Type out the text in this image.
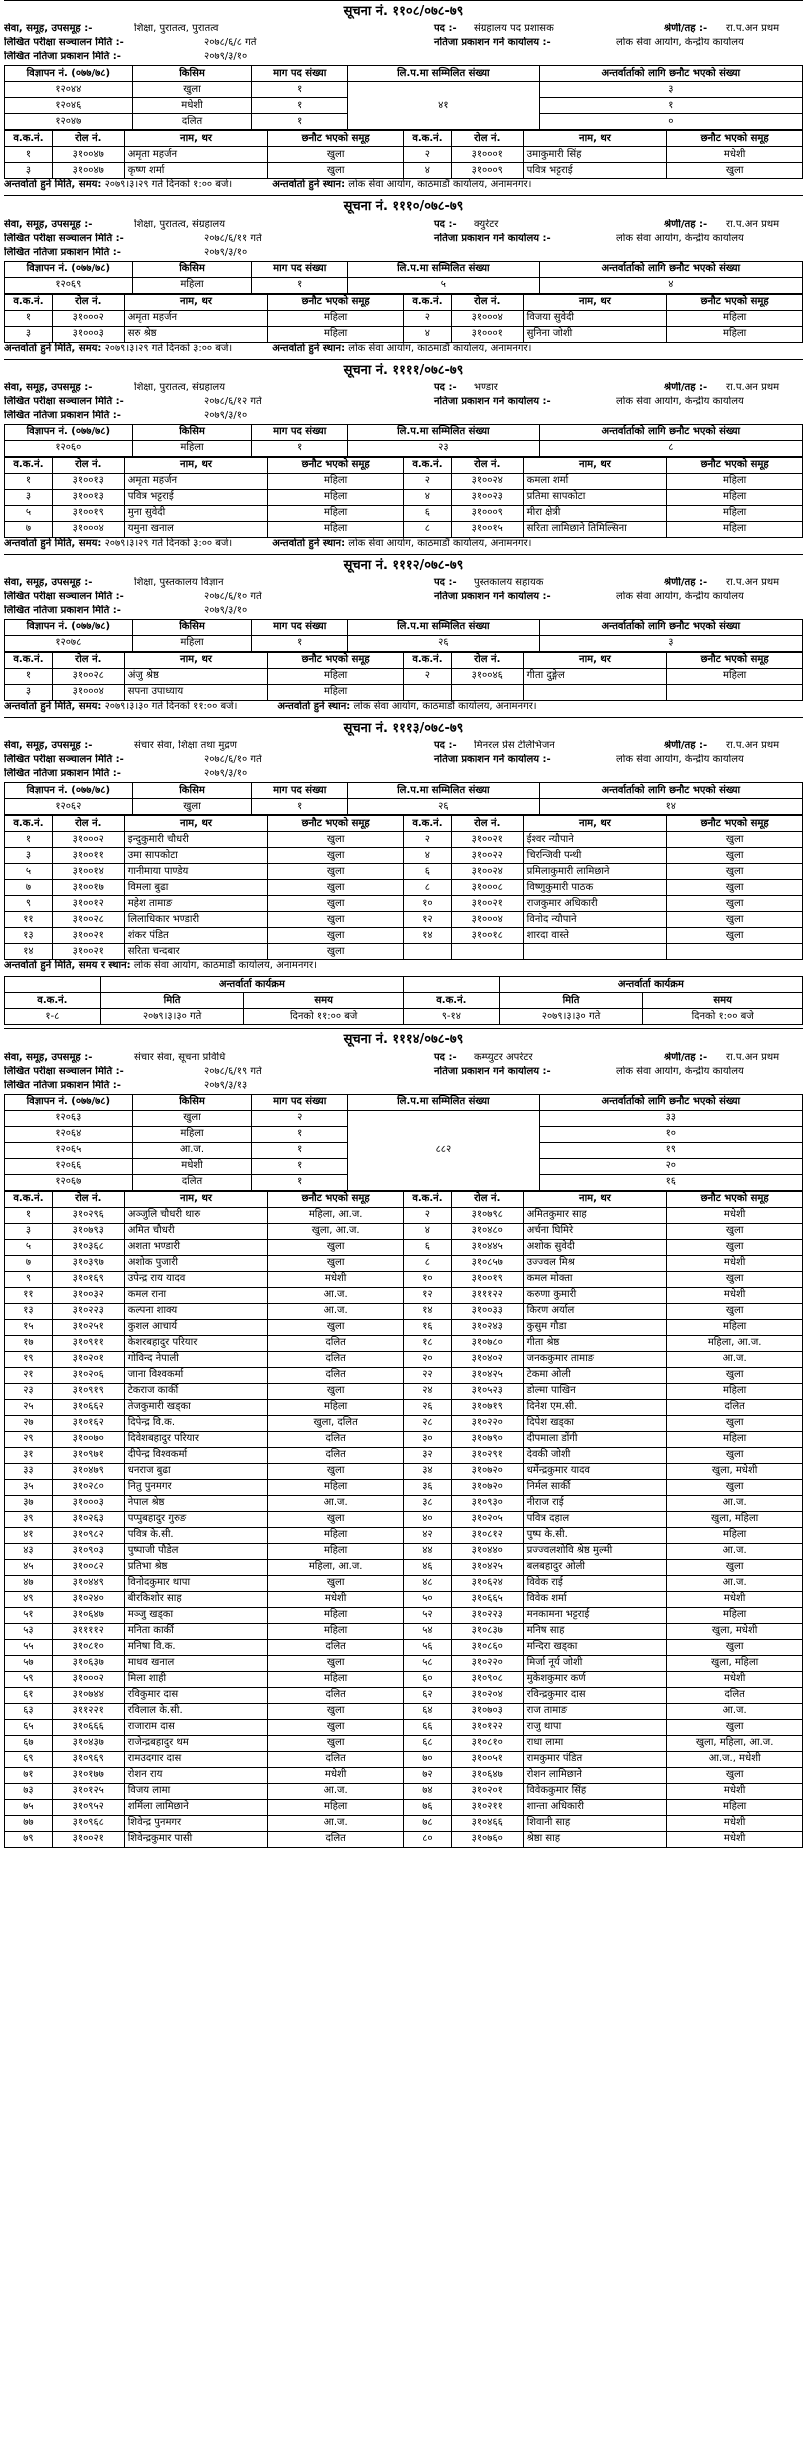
सूचना नं. ११०८/०७८-७९
सेवा, समूह, उपसमूह :-	शिक्षा, पुरातत्व, पुरातत्व	पद :- संग्रहालय पद प्रशासक	श्रेणी/तह :- रा.प.अन प्रथम
लिखित परीक्षा सञ्चालन मिति :-	२०७८/६/८ गते	नतिजा प्रकाशन गर्ने कार्यालय :-	लोक सेवा आयोग, केन्द्रीय कार्यालय
लिखित नतिजा प्रकाशन मिति :-	२०७९/३/१०
विज्ञापन नं. (०७७/७८)	किसिम	माग पद संख्या	लि.प.मा सम्मिलित संख्या	अन्तर्वार्ताको लागि छनौट भएको संख्या
१२०४४	खुला	१	४१	३
१२०४६	मधेशी	१		१
१२०४७	दलित	१		०
व.क.नं.	रोल नं.	नाम, थर	छनौट भएको समूह	व.क.नं.	रोल नं.	नाम, थर	छनौट भएको समूह
१	३१००४७	अमृता महर्जन	खुला	२	३१०००१	उमाकुमारी सिंह	मधेशी
३	३१००४७	कृष्ण शर्मा	खुला	४	३१०००९	पवित्र भट्टराई	खुला
अन्तर्वार्ता हुने मिति, समय: २०७९।३।२९ गते दिनको १:०० बजे।	अन्तर्वार्ता हुने स्थान: लोक सेवा आयोग, काठमाडौं कार्यालय, अनामनगर।
सूचना नं. १११०/०७८-७९
सेवा, समूह, उपसमूह :-	शिक्षा, पुरातत्व, संग्रहालय	पद :- क्युरेटर	श्रेणी/तह :- रा.प.अन प्रथम
लिखित परीक्षा सञ्चालन मिति :-	२०७८/६/११ गते	नतिजा प्रकाशन गर्ने कार्यालय :-	लोक सेवा आयोग, केन्द्रीय कार्यालय
लिखित नतिजा प्रकाशन मिति :-	२०७९/३/१०
विज्ञापन नं. (०७७/७८)	किसिम	माग पद संख्या	लि.प.मा सम्मिलित संख्या	अन्तर्वार्ताको लागि छनौट भएको संख्या
१२०६९	महिला	१	५	४
व.क.नं.	रोल नं.	नाम, थर	छनौट भएको समूह	व.क.नं.	रोल नं.	नाम, थर	छनौट भएको समूह
१	३१०००२	अमृता महर्जन	महिला	२	३१०००४	विजया सुवेदी	महिला
३	३१०००३	सरु श्रेष्ठ	महिला	४	३१०००१	सुनिना जोशी	महिला
अन्तर्वार्ता हुने मिति, समय: २०७९।३।२९ गते दिनको ३:०० बजे।	अन्तर्वार्ता हुने स्थान: लोक सेवा आयोग, काठमाडौं कार्यालय, अनामनगर।
सूचना नं. ११११/०७८-७९
सेवा, समूह, उपसमूह :-	शिक्षा, पुरातत्व, संग्रहालय	पद :- भण्डार	श्रेणी/तह :- रा.प.अन प्रथम
लिखित परीक्षा सञ्चालन मिति :-	२०७८/६/१२ गते	नतिजा प्रकाशन गर्ने कार्यालय :-	लोक सेवा आयोग, केन्द्रीय कार्यालय
लिखित नतिजा प्रकाशन मिति :-	२०७९/३/१०
विज्ञापन नं. (०७७/७८)	किसिम	माग पद संख्या	लि.प.मा सम्मिलित संख्या	अन्तर्वार्ताको लागि छनौट भएको संख्या
१२०६०	महिला	१	२३	८
व.क.नं.	रोल नं.	नाम, थर	छनौट भएको समूह	व.क.नं.	रोल नं.	नाम, थर	छनौट भएको समूह
१	३१००१३	अमृता महर्जन	महिला	२	३१००२४	कमला शर्मा	महिला
३	३१००१३	पवित्र भट्टराई	महिला	४	३१००२३	प्रतिमा सापकोटा	महिला
५	३१००१९	मुना सुवेदी	महिला	६	३१०००९	मीरा क्षेत्री	महिला
७	३१०००४	यमुना खनाल	महिला	८	३१००१५	सरिता लामिछाने तिमिल्सिना	महिला
अन्तर्वार्ता हुने मिति, समय: २०७९।३।२९ गते दिनको ३:०० बजे।	अन्तर्वार्ता हुने स्थान: लोक सेवा आयोग, काठमाडौं कार्यालय, अनामनगर।
सूचना नं. १११२/०७८-७९
सेवा, समूह, उपसमूह :-	शिक्षा, पुस्तकालय विज्ञान	पद :- पुस्तकालय सहायक	श्रेणी/तह :- रा.प.अन प्रथम
लिखित परीक्षा सञ्चालन मिति :-	२०७८/६/१० गते	नतिजा प्रकाशन गर्ने कार्यालय :-	लोक सेवा आयोग, केन्द्रीय कार्यालय
लिखित नतिजा प्रकाशन मिति :-	२०७९/३/१०
विज्ञापन नं. (०७७/७८)	किसिम	माग पद संख्या	लि.प.मा सम्मिलित संख्या	अन्तर्वार्ताको लागि छनौट भएको संख्या
१२०७८	महिला	१	२६	३
व.क.नं.	रोल नं.	नाम, थर	छनौट भएको समूह	व.क.नं.	रोल नं.	नाम, थर	छनौट भएको समूह
१	३१००२८	अंजु श्रेष्ठ	महिला	२	३१००४६	गीता दुङ्गेल	महिला
३	३१०००४	सपना उपाध्याय	महिला				
अन्तर्वार्ता हुने मिति, समय: २०७९।३।३० गते दिनको ११:०० बजे।	अन्तर्वार्ता हुने स्थान: लोक सेवा आयोग, काठमाडौं कार्यालय, अनामनगर।
सूचना नं. १११३/०७८-७९
सेवा, समूह, उपसमूह :-	संचार सेवा, शिक्षा तथा मुद्रण	पद :- मिनरल प्रेस टेलिभिजन	श्रेणी/तह :- रा.प.अन प्रथम
लिखित परीक्षा सञ्चालन मिति :-	२०७८/६/१० गते	नतिजा प्रकाशन गर्ने कार्यालय :-	लोक सेवा आयोग, केन्द्रीय कार्यालय
लिखित नतिजा प्रकाशन मिति :-	२०७९/३/१०
विज्ञापन नं. (०७७/७८)	किसिम	माग पद संख्या	लि.प.मा सम्मिलित संख्या	अन्तर्वार्ताको लागि छनौट भएको संख्या
१२०६२	खुला	१	२६	१४
व.क.नं.	रोल नं.	नाम, थर	छनौट भएको समूह	व.क.नं.	रोल नं.	नाम, थर	छनौट भएको समूह
१	३१०००२	इन्दुकुमारी चौधरी	खुला	२	३१००२१	ईश्वर न्यौपाने	खुला
३	३१००११	उमा सापकोटा	खुला	४	३१००२२	चिरन्जिवी पन्थी	खुला
५	३१००१४	गानीमाया पाण्डेय	खुला	६	३१००२४	प्रमिलाकुमारी लामिछाने	खुला
७	३१००१७	विमला बुढा	खुला	८	३१०००८	विष्णुकुमारी पाठक	खुला
९	३१००१२	महेश तामाङ	खुला	१०	३१००२१	राजकुमार अधिकारी	खुला
११	३१००२८	लिलाधिकार भण्डारी	खुला	१२	३१०००४	विनोद न्यौपाने	खुला
१३	३१००२१	शंकर पंडित	खुला	१४	३१००१८	शारदा वास्ते	खुला
१४	३१००२१	सरिता चन्दबार	खुला				
अन्तर्वार्ता हुने मिति, समय र स्थान: लोक सेवा आयोग, काठमाडौं कार्यालय, अनामनगर।
	अन्तर्वार्ता कार्यक्रम			अन्तर्वार्ता कार्यक्रम	
व.क.नं.	मिति	समय	व.क.नं.	मिति	समय
१-८	२०७९।३।३० गते	दिनको ११:०० बजे	९-१४	२०७९।३।३० गते	दिनको १:०० बजे
सूचना नं. १११४/०७८-७९
सेवा, समूह, उपसमूह :-	संचार सेवा, सूचना प्रविधि	पद :- कम्प्युटर अपरेटर	श्रेणी/तह :- रा.प.अन प्रथम
लिखित परीक्षा सञ्चालन मिति :-	२०७८/६/१९ गते	नतिजा प्रकाशन गर्ने कार्यालय :-	लोक सेवा आयोग, केन्द्रीय कार्यालय
लिखित नतिजा प्रकाशन मिति :-	२०७९/३/१३
विज्ञापन नं. (०७७/७८)	किसिम	माग पद संख्या	लि.प.मा सम्मिलित संख्या	अन्तर्वार्ताको लागि छनौट भएको संख्या
१२०६३	खुला	२	८८२	३३
१२०६४	महिला	१		१०
१२०६५	आ.ज.	१		१९
१२०६६	मधेशी	१		२०
१२०६७	दलित	१		१६
व.क.नं.	रोल नं.	नाम, थर	छनौट भएको समूह	व.क.नं.	रोल नं.	नाम, थर	छनौट भएको समूह
१	३१०२९६	अञ्जुलि चौधरी थारु	महिला, आ.ज.	२	३१०७९८	अमितकुमार साह	मधेशी
३	३१०७९३	अमित चौधरी	खुला, आ.ज.	४	३१०४८०	अर्चना घिमिरे	खुला
५	३१०३६८	अशता भण्डारी	खुला	६	३१०४४५	अशोक सुवेदी	खुला
७	३१०३९७	अशोक पुजारी	खुला	८	३१०८५७	उज्ज्वल मिश्र	मधेशी
९	३१०१६९	उपेन्द्र राय यादव	मधेशी	१०	३१००१९	कमल मोक्ता	खुला
११	३१००३२	कमल राना	आ.ज.	१२	३१११२२	करुणा कुमारी	मधेशी
१३	३१०२२३	कल्पना शाक्य	आ.ज.	१४	३१००३३	किरण अर्याल	खुला
१५	३१०२५१	कुशल आचार्य	खुला	१६	३१०२४३	कुसुम गौडा	महिला
१७	३१०९११	केशरबहादुर परियार	दलित	१८	३१०७८०	गीता श्रेष्ठ	महिला, आ.ज.
१९	३१०२०१	गोविन्द नेपाली	दलित	२०	३१०४०२	जनककुमार तामाङ	आ.ज.
२१	३१०२०६	जाना विश्वकर्मा	दलित	२२	३१०४२५	टेकमा ओली	खुला
२३	३१०९१९	टेकराज कार्की	खुला	२४	३१०५२३	डोल्मा पाखिन	महिला
२५	३१०६६२	तेजकुमारी खड्का	महिला	२६	३१०७१९	दिनेश एम.सी.	दलित
२७	३१०१६२	दिपेन्द्र वि.क.	खुला, दलित	२८	३१०२२०	दिपेश खड्का	खुला
२९	३१००७०	दिवेशबहादुर परियार	दलित	३०	३१०७९०	दीपमाला डोंगी	महिला
३१	३१०९७१	दीपेन्द्र विश्वकर्मा	दलित	३२	३१०२९१	देवकी जोशी	खुला
३३	३१०४७९	धनराज बुढा	खुला	३४	३१०७२०	धर्मेन्द्रकुमार यादव	खुला, मधेशी
३५	३१०२८०	नितु पुनमगर	महिला	३६	३१०७२०	निर्मल सार्की	खुला
३७	३१०००३	नेपाल श्रेष्ठ	आ.ज.	३८	३१०९३०	नीराज राई	आ.ज.
३९	३१०२६३	पप्पुबहादुर गुरुङ	खुला	४०	३१०२०५	पवित्र दहाल	खुला, महिला
४१	३१०९८२	पवित्र के.सी.	महिला	४२	३१०८१२	पुष्प के.सी.	महिला
४३	३१०९०३	पुष्पाजी पौडेल	महिला	४४	३१०४४०	प्रज्ज्वलशोवि श्रेष्ठ मुल्मी	आ.ज.
४५	३१००८२	प्रतिभा श्रेष्ठ	महिला, आ.ज.	४६	३१०४२५	बलबहादुर ओली	खुला
४७	३१०४४९	विनोदकुमार थापा	खुला	४८	३१०६२४	विवेक राई	आ.ज.
४९	३१०२४०	बीरकिशोर साह	मधेशी	५०	३१०६६५	विवेक शर्मा	मधेशी
५१	३१०६४७	मञ्जु खड्का	महिला	५२	३१०२२३	मनकामना भट्टराई	महिला
५३	३११११२	मनिता कार्की	महिला	५४	३१०८३७	मनिष साह	खुला, मधेशी
५५	३१०८१०	मनिषा वि.क.	दलित	५६	३१०८६०	मन्दिरा खड्का	खुला
५७	३१०६३७	माधव खनाल	खुला	५८	३१०२२०	मिर्जा नूर्य जोशी	खुला, महिला
५९	३१०००२	मिला शाही	महिला	६०	३१०९०८	मुकेशकुमार कर्ण	मधेशी
६१	३१०७४४	रविकुमार दास	दलित	६२	३१०२०४	रविन्द्रकुमार दास	दलित
६३	३११२२१	रविलाल के.सी.	खुला	६४	३१०७०३	राज तामाङ	आ.ज.
६५	३१०६६६	राजाराम दास	खुला	६६	३१०१२२	राजु थापा	खुला
६७	३१०४३७	राजेन्द्रबहादुर थम	खुला	६८	३१०८१०	राधा लामा	खुला, महिला, आ.ज.
६९	३१०९६९	रामउदगार दास	दलित	७०	३१००५१	रामकुमार पंडित	आ.ज., मधेशी
७१	३१०१७७	रोशन राय	मधेशी	७२	३१०६४७	रोशन लामिछाने	खुला
७३	३१०१२५	विजय लामा	आ.ज.	७४	३१०२०१	विवेककुमार सिंह	मधेशी
७५	३१०९५२	शर्मिला लामिछाने	महिला	७६	३१०२११	शान्ता अधिकारी	महिला
७७	३१०९६८	शिवेन्द्र पुनमगर	आ.ज.	७८	३१०४६६	शिवानी साह	मधेशी
७९	३१००२१	शिवेन्द्रकुमार पासी	दलित	८०	३१०७६०	श्रेष्ठा साह	मधेशी
